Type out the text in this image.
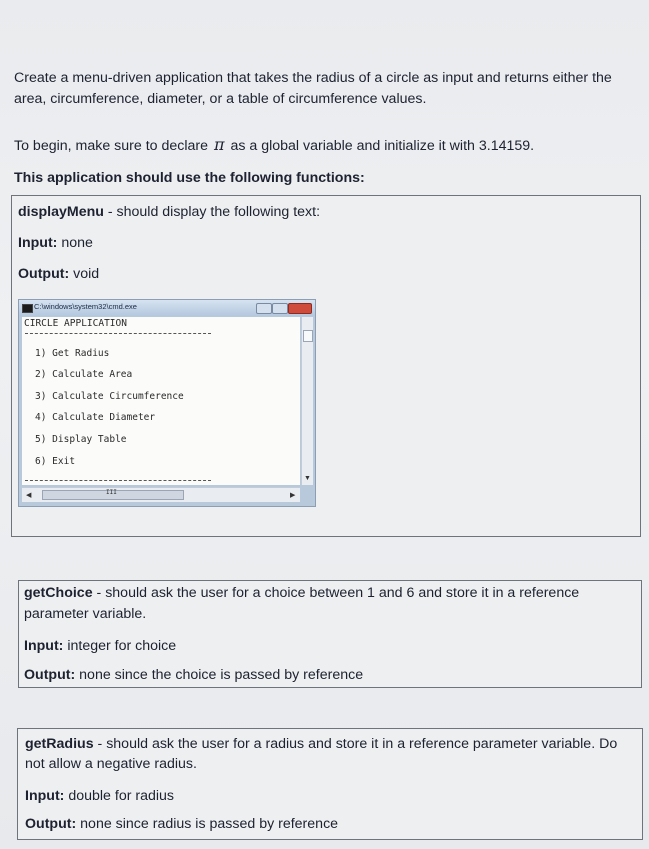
Create a menu-driven application that takes the radius of a circle as input and returns either the
area, circumference, diameter, or a table of circumference values.
To begin, make sure to declare π as a global variable and initialize it with 3.14159.
This application should use the following functions:
displayMenu - should display the following text:
Input: none
Output: void
C:\windows\system32\cmd.exe
CIRCLE APPLICATION
1) Get Radius
2) Calculate Area
3) Calculate Circumference
4) Calculate Diameter
5) Display Table
6) Exit
▼
◀	III	▶
getChoice - should ask the user for a choice between 1 and 6 and store it in a reference
parameter variable.
Input: integer for choice
Output: none since the choice is passed by reference
getRadius - should ask the user for a radius and store it in a reference parameter variable. Do
not allow a negative radius.
Input: double for radius
Output: none since radius is passed by reference
